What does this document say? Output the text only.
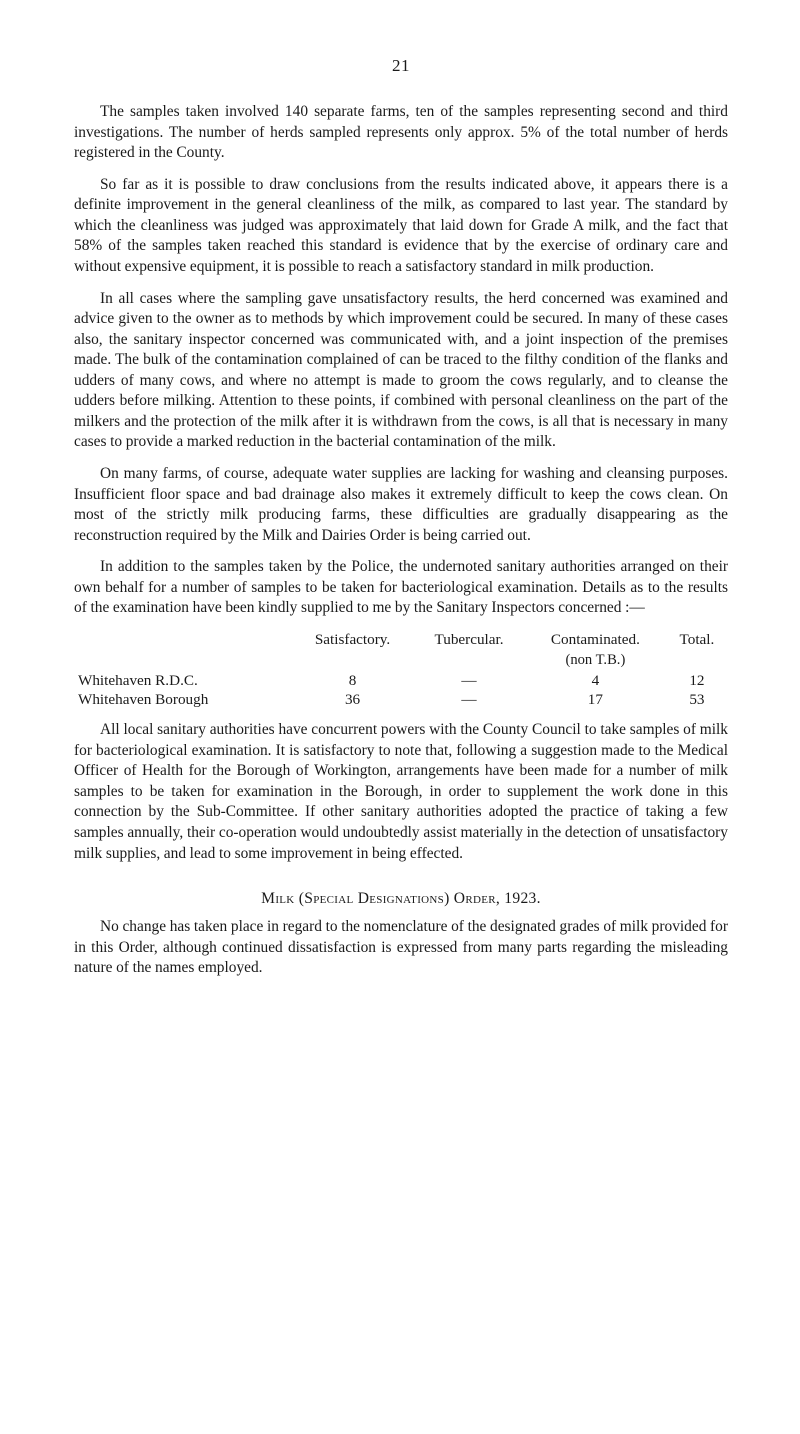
21

The samples taken involved 140 separate farms, ten of the samples representing second and third investigations. The number of herds sampled represents only approx. 5% of the total number of herds registered in the County.

So far as it is possible to draw conclusions from the results indicated above, it appears there is a definite improvement in the general cleanliness of the milk, as compared to last year. The standard by which the cleanliness was judged was approximately that laid down for Grade A milk, and the fact that 58% of the samples taken reached this standard is evidence that by the exercise of ordinary care and without expensive equipment, it is possible to reach a satisfactory standard in milk production.

In all cases where the sampling gave unsatisfactory results, the herd concerned was examined and advice given to the owner as to methods by which improvement could be secured. In many of these cases also, the sanitary inspector concerned was communicated with, and a joint inspection of the premises made. The bulk of the contamination complained of can be traced to the filthy condition of the flanks and udders of many cows, and where no attempt is made to groom the cows regularly, and to cleanse the udders before milking. Attention to these points, if combined with personal cleanliness on the part of the milkers and the protection of the milk after it is withdrawn from the cows, is all that is necessary in many cases to provide a marked reduction in the bacterial contamination of the milk.

On many farms, of course, adequate water supplies are lacking for washing and cleansing purposes. Insufficient floor space and bad drainage also makes it extremely difficult to keep the cows clean. On most of the strictly milk producing farms, these difficulties are gradually disappearing as the reconstruction required by the Milk and Dairies Order is being carried out.

In addition to the samples taken by the Police, the undernoted sanitary authorities arranged on their own behalf for a number of samples to be taken for bacteriological examination. Details as to the results of the examination have been kindly supplied to me by the Sanitary Inspectors concerned :—

	Satisfactory.	Tubercular.	Contaminated.	Total.
			(non T.B.)	
Whitehaven R.D.C.	8	—	4	12
Whitehaven Borough	36	—	17	53

All local sanitary authorities have concurrent powers with the County Council to take samples of milk for bacteriological examination. It is satisfactory to note that, following a suggestion made to the Medical Officer of Health for the Borough of Workington, arrangements have been made for a number of milk samples to be taken for examination in the Borough, in order to supplement the work done in this connection by the Sub-Committee. If other sanitary authorities adopted the practice of taking a few samples annually, their co-operation would undoubtedly assist materially in the detection of unsatisfactory milk supplies, and lead to some improvement in being effected.

Milk (Special Designations) Order, 1923.

No change has taken place in regard to the nomenclature of the designated grades of milk provided for in this Order, although continued dissatisfaction is expressed from many parts regarding the misleading nature of the names employed.
